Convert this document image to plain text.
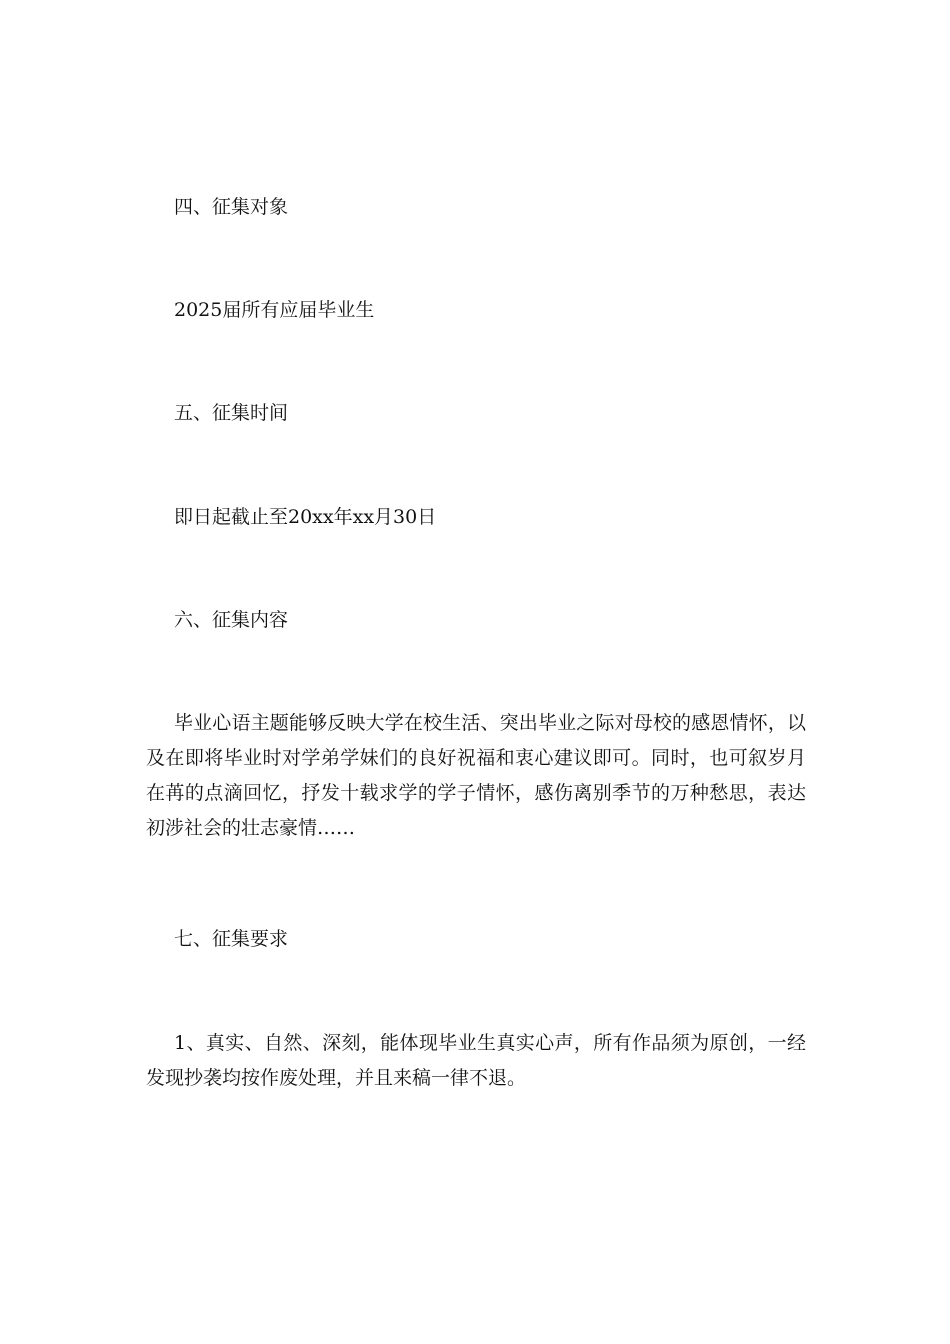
四、征集对象

2025届所有应届毕业生

五、征集时间

即日起截止至20xx年xx月30日

六、征集内容

毕业心语主题能够反映大学在校生活、突出毕业之际对母校的感恩情怀，以及在即将毕业时对学弟学妹们的良好祝福和衷心建议即可。同时，也可叙岁月在苒的点滴回忆，抒发十载求学的学子情怀，感伤离别季节的万种愁思，表达初涉社会的壮志豪情……

七、征集要求

1、真实、自然、深刻，能体现毕业生真实心声，所有作品须为原创，一经发现抄袭均按作废处理，并且来稿一律不退。
